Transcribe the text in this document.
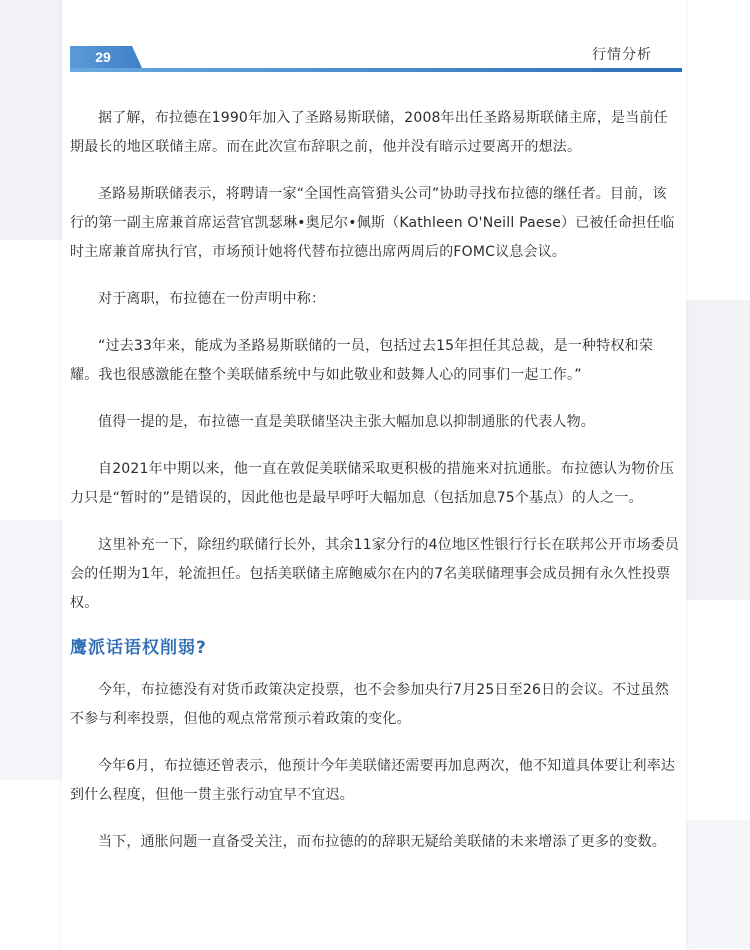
29	行情分析

据了解，布拉德在1990年加入了圣路易斯联储，2008年出任圣路易斯联储主席，是当前任期最长的地区联储主席。而在此次宣布辞职之前，他并没有暗示过要离开的想法。

圣路易斯联储表示，将聘请一家“全国性高管猎头公司”协助寻找布拉德的继任者。目前，该行的第一副主席兼首席运营官凯瑟琳•奥尼尔•佩斯（Kathleen O'Neill Paese）已被任命担任临时主席兼首席执行官，市场预计她将代替布拉德出席两周后的FOMC议息会议。

对于离职，布拉德在一份声明中称：

“过去33年来，能成为圣路易斯联储的一员，包括过去15年担任其总裁，是一种特权和荣耀。我也很感激能在整个美联储系统中与如此敬业和鼓舞人心的同事们一起工作。”

值得一提的是，布拉德一直是美联储坚决主张大幅加息以抑制通胀的代表人物。

自2021年中期以来，他一直在敦促美联储采取更积极的措施来对抗通胀。布拉德认为物价压力只是“暂时的”是错误的，因此他也是最早呼吁大幅加息（包括加息75个基点）的人之一。

这里补充一下，除纽约联储行长外，其余11家分行的4位地区性银行行长在联邦公开市场委员会的任期为1年，轮流担任。包括美联储主席鲍威尔在内的7名美联储理事会成员拥有永久性投票权。

鹰派话语权削弱?

今年，布拉德没有对货币政策决定投票，也不会参加央行7月25日至26日的会议。不过虽然不参与利率投票，但他的观点常常预示着政策的变化。

今年6月，布拉德还曾表示，他预计今年美联储还需要再加息两次，他不知道具体要让利率达到什么程度，但他一贯主张行动宜早不宜迟。

当下，通胀问题一直备受关注，而布拉德的的辞职无疑给美联储的未来增添了更多的变数。
